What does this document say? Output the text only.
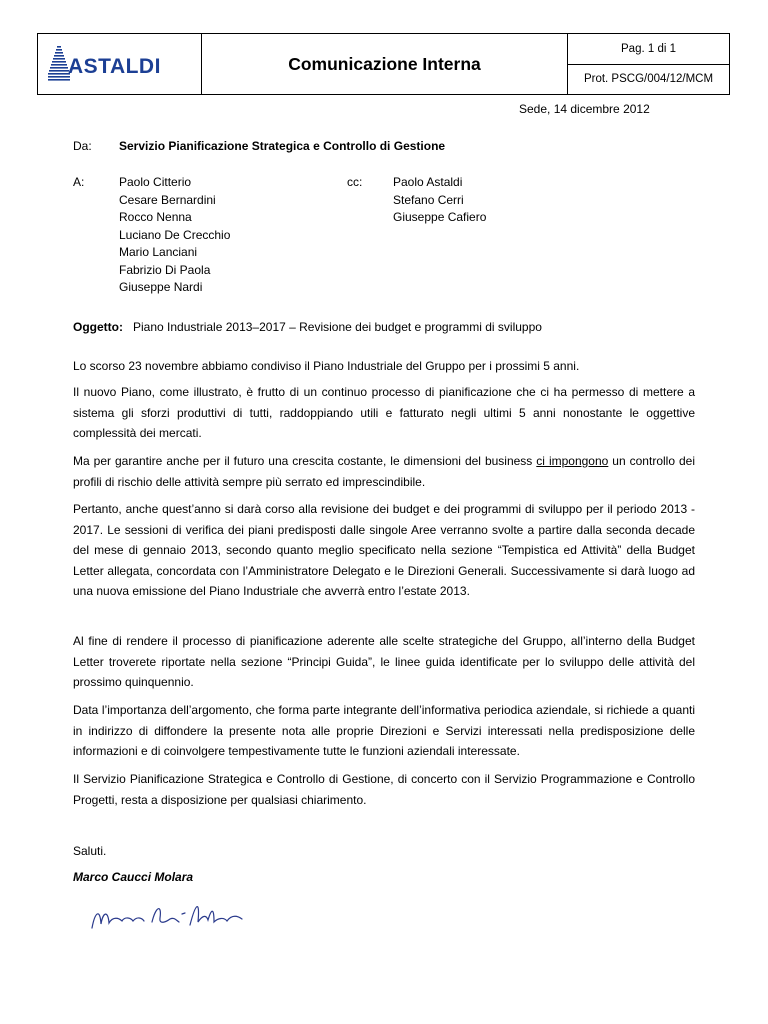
ASTALDI	Comunicazione Interna
Pag. 1 di 1
Prot. PSCG/004/12/MCM
Sede, 14 dicembre 2012
Da: Servizio Pianificazione Strategica e Controllo di Gestione
A:	Paolo Citterio
Cesare Bernardini
Rocco Nenna
Luciano De Crecchio
Mario Lanciani
Fabrizio Di Paola
Giuseppe Nardi
cc:	Paolo Astaldi
Stefano Cerri
Giuseppe Cafiero
Oggetto: Piano Industriale 2013–2017 – Revisione dei budget e programmi di sviluppo
Lo scorso 23 novembre abbiamo condiviso il Piano Industriale del Gruppo per i prossimi 5 anni.
Il nuovo Piano, come illustrato, è frutto di un continuo processo di pianificazione che ci ha permesso di mettere a sistema gli sforzi produttivi di tutti, raddoppiando utili e fatturato negli ultimi 5 anni nonostante le oggettive complessità dei mercati.
Ma per garantire anche per il futuro una crescita costante, le dimensioni del business ci impongono un controllo dei profili di rischio delle attività sempre più serrato ed imprescindibile.
Pertanto, anche quest’anno si darà corso alla revisione dei budget e dei programmi di sviluppo per il periodo 2013 - 2017. Le sessioni di verifica dei piani predisposti dalle singole Aree verranno svolte a partire dalla seconda decade del mese di gennaio 2013, secondo quanto meglio specificato nella sezione “Tempistica ed Attività” della Budget Letter allegata, concordata con l’Amministratore Delegato e le Direzioni Generali. Successivamente si darà luogo ad una nuova emissione del Piano Industriale che avverrà entro l’estate 2013.
Al fine di rendere il processo di pianificazione aderente alle scelte strategiche del Gruppo, all’interno della Budget Letter troverete riportate nella sezione “Principi Guida”, le linee guida identificate per lo sviluppo delle attività del prossimo quinquennio.
Data l’importanza dell’argomento, che forma parte integrante dell’informativa periodica aziendale, si richiede a quanti in indirizzo di diffondere la presente nota alle proprie Direzioni e Servizi interessati nella predisposizione delle informazioni e di coinvolgere tempestivamente tutte le funzioni aziendali interessate.
Il Servizio Pianificazione Strategica e Controllo di Gestione, di concerto con il Servizio Programmazione e Controllo Progetti, resta a disposizione per qualsiasi chiarimento.
Saluti.
Marco Caucci Molara
